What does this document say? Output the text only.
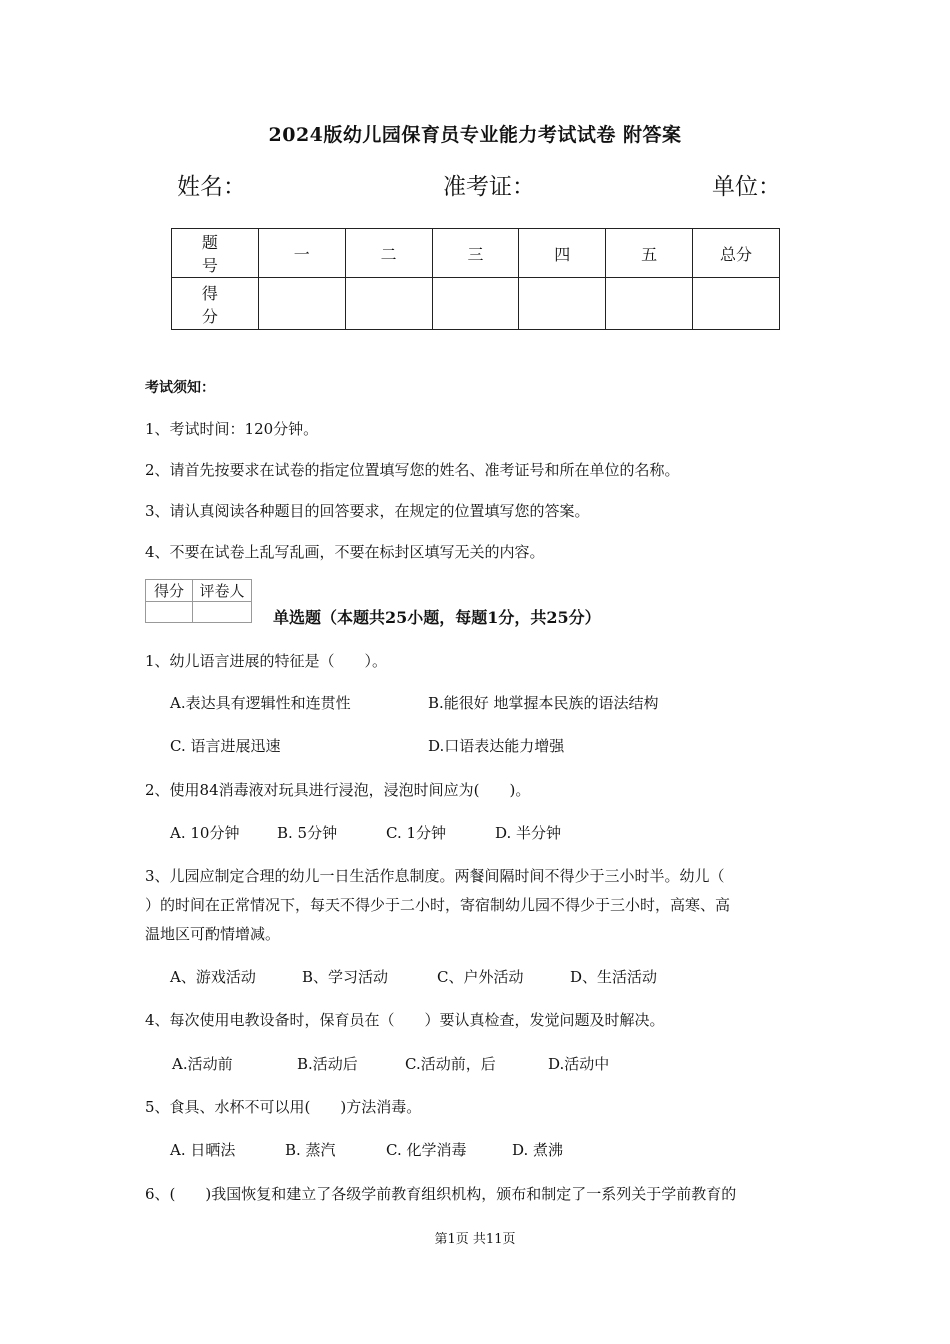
2024版幼儿园保育员专业能力考试试卷 附答案
姓名：	准考证：	单位：
题 号	一	二	三	四	五	总分
得 分						
考试须知：
1、考试时间：120分钟。
2、请首先按要求在试卷的指定位置填写您的姓名、准考证号和所在单位的名称。
3、请认真阅读各种题目的回答要求，在规定的位置填写您的答案。
4、不要在试卷上乱写乱画，不要在标封区填写无关的内容。
得分	评卷人

单选题（本题共25小题，每题1分，共25分）
1、幼儿语言进展的特征是（　　）。
A.表达具有逻辑性和连贯性	B.能很好 地掌握本民族的语法结构
C. 语言进展迅速	D.口语表达能力增强
2、使用84消毒液对玩具进行浸泡，浸泡时间应为(　　)。
A. 10分钟	B. 5分钟	C. 1分钟	D. 半分钟
3、儿园应制定合理的幼儿一日生活作息制度。两餐间隔时间不得少于三小时半。幼儿（
）的时间在正常情况下，每天不得少于二小时，寄宿制幼儿园不得少于三小时，高寒、高
温地区可酌情增减。
A、游戏活动	B、学习活动	C、户外活动	D、生活活动
4、每次使用电教设备时，保育员在（　　）要认真检查，发觉问题及时解决。
A.活动前	B.活动后	C.活动前，后	D.活动中
5、食具、水杯不可以用(　　)方法消毒。
A. 日晒法	B. 蒸汽	C. 化学消毒	D. 煮沸
6、(　　)我国恢复和建立了各级学前教育组织机构，颁布和制定了一系列关于学前教育的
第1页 共11页
